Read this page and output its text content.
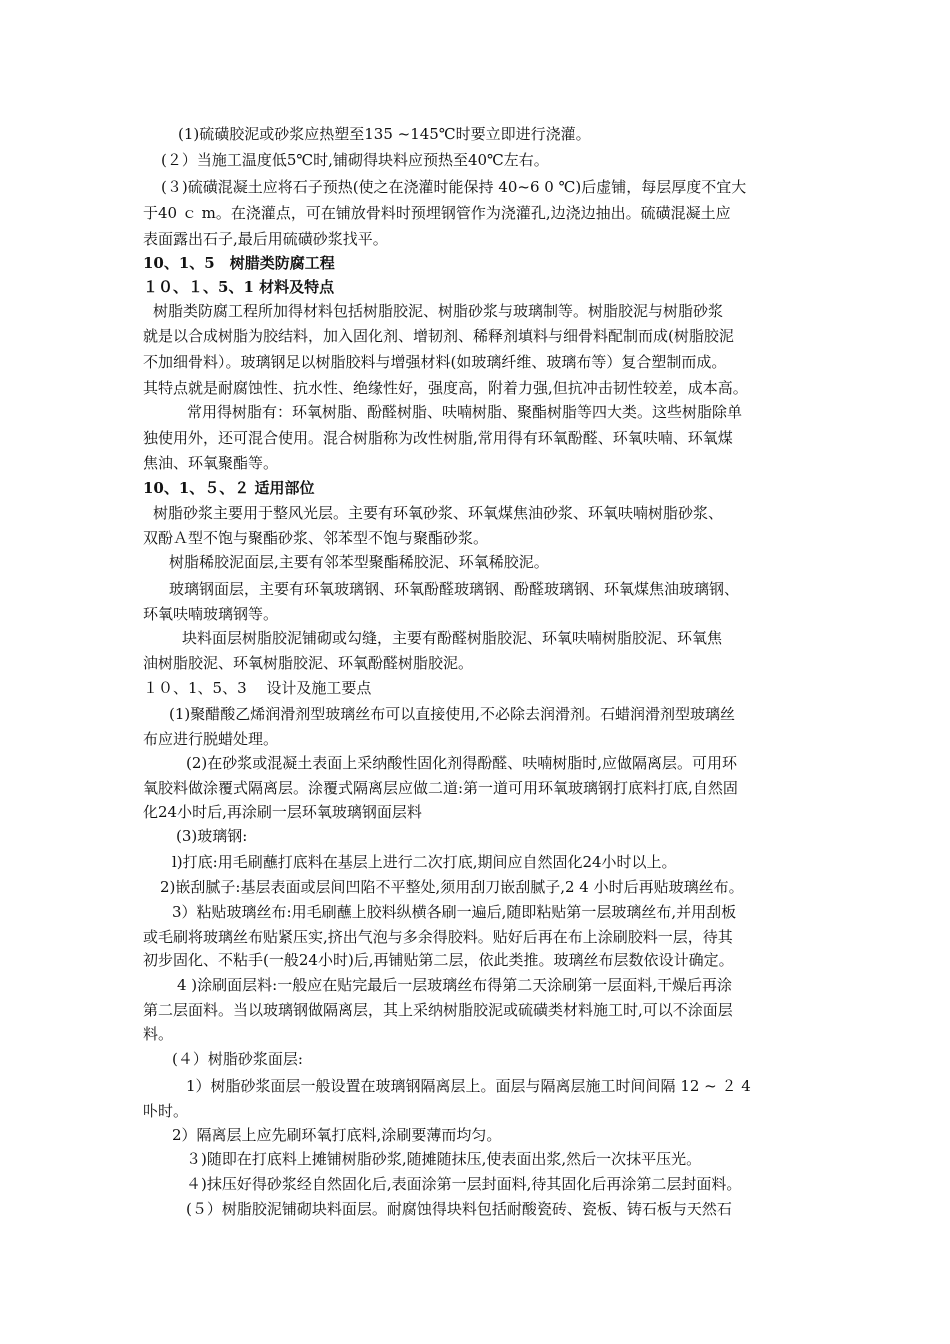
(1)硫磺胶泥或砂浆应热塑至135 ~145℃时要立即进行浇灌。
(２）当施工温度低5℃时,铺砌得块料应预热至40℃左右。
(３)硫磺混凝土应将石子预热(使之在浇灌时能保持 40~6 0 ℃)后虚铺，每层厚度不宜大
于40 ｃ m。在浇灌点，可在铺放骨料时预埋钢管作为浇灌孔,边浇边抽出。硫磺混凝土应
表面露出石子,最后用硫磺砂浆找平。
10、1、5　树腊类防腐工程
１０、１、5、1 材料及特点
树脂类防腐工程所加得材料包括树脂胶泥、树脂砂浆与玻璃制等。树脂胶泥与树脂砂浆
就是以合成树脂为胶结料，加入固化剂、增韧剂、稀释剂填料与细骨料配制而成(树脂胶泥
不加细骨料）。玻璃钢足以树脂胶料与增强材料(如玻璃纤维、玻璃布等）复合塑制而成。
其特点就是耐腐蚀性、抗水性、绝缘性好，强度高，附着力强,但抗冲击韧性较差，成本高。
常用得树脂有：环氧树脂、酚醛树脂、呋喃树脂、聚酯树脂等四大类。这些树脂除单
独使用外，还可混合使用。混合树脂称为改性树脂,常用得有环氧酚醛、环氧呋喃、环氧煤
焦油、环氧聚酯等。
10、1、５、２ 适用部位
树脂砂浆主要用于整风光层。主要有环氧砂浆、环氧煤焦油砂浆、环氧呋喃树脂砂浆、
双酚Ａ型不饱与聚酯砂浆、邻苯型不饱与聚酯砂浆。
树脂稀胶泥面层,主要有邻苯型聚酯稀胶泥、环氧稀胶泥。
玻璃钢面层，主要有环氧玻璃钢、环氧酚醛玻璃钢、酚醛玻璃钢、环氧煤焦油玻璃钢、
环氧呋喃玻璃钢等。
块料面层树脂胶泥铺砌或勾缝，主要有酚醛树脂胶泥、环氧呋喃树脂胶泥、环氧焦
油树脂胶泥、环氧树脂胶泥、环氧酚醛树脂胶泥。
１０、1、5、3　 设计及施工要点
(1)聚醋酸乙烯润滑剂型玻璃丝布可以直接使用,不必除去润滑剂。石蜡润滑剂型玻璃丝
布应进行脱蜡处理。
(2)在砂浆或混凝土表面上采纳酸性固化剂得酚醛、呋喃树脂时,应做隔离层。可用环
氧胶料做涂覆式隔离层。涂覆式隔离层应做二道:第一道可用环氧玻璃钢打底料打底,自然固
化24小时后,再涂刷一层环氧玻璃钢面层料
(3)玻璃钢:
l)打底:用毛刷蘸打底料在基层上进行二次打底,期间应自然固化24小时以上。
2)嵌刮腻子:基层表面或层间凹陷不平整处,须用刮刀嵌刮腻子,2 4 小时后再贴玻璃丝布。
3）粘贴玻璃丝布:用毛刷蘸上胶料纵横各刷一遍后,随即粘贴第一层玻璃丝布,并用刮板
或毛刷将玻璃丝布贴紧压实,挤出气泡与多余得胶料。贴好后再在布上涂刷胶料一层，待其
初步固化、不粘手(一般24小时)后,再铺贴第二层，依此类推。玻璃丝布层数依设计确定。
4 )涂刷面层料:一般应在贴完最后一层玻璃丝布得第二天涂刷第一层面料,干燥后再涂
第二层面料。当以玻璃钢做隔离层，其上采纳树脂胶泥或硫磺类材料施工时,可以不涂面层
料。
(４）树脂砂浆面层:
1）树脂砂浆面层一般设置在玻璃钢隔离层上。面层与隔离层施工时间间隔 12 ~ ２ 4
卟时。
2）隔离层上应先刷环氧打底料,涂刷要薄而均匀。
３)随即在打底料上摊铺树脂砂浆,随摊随抹压,使表面出浆,然后一次抹平压光。
４)抹压好得砂浆经自然固化后,表面涂第一层封面料,待其固化后再涂第二层封面料。
(５）树脂胶泥铺砌块料面层。耐腐蚀得块料包括耐酸瓷砖、瓷板、铸石板与天然石
